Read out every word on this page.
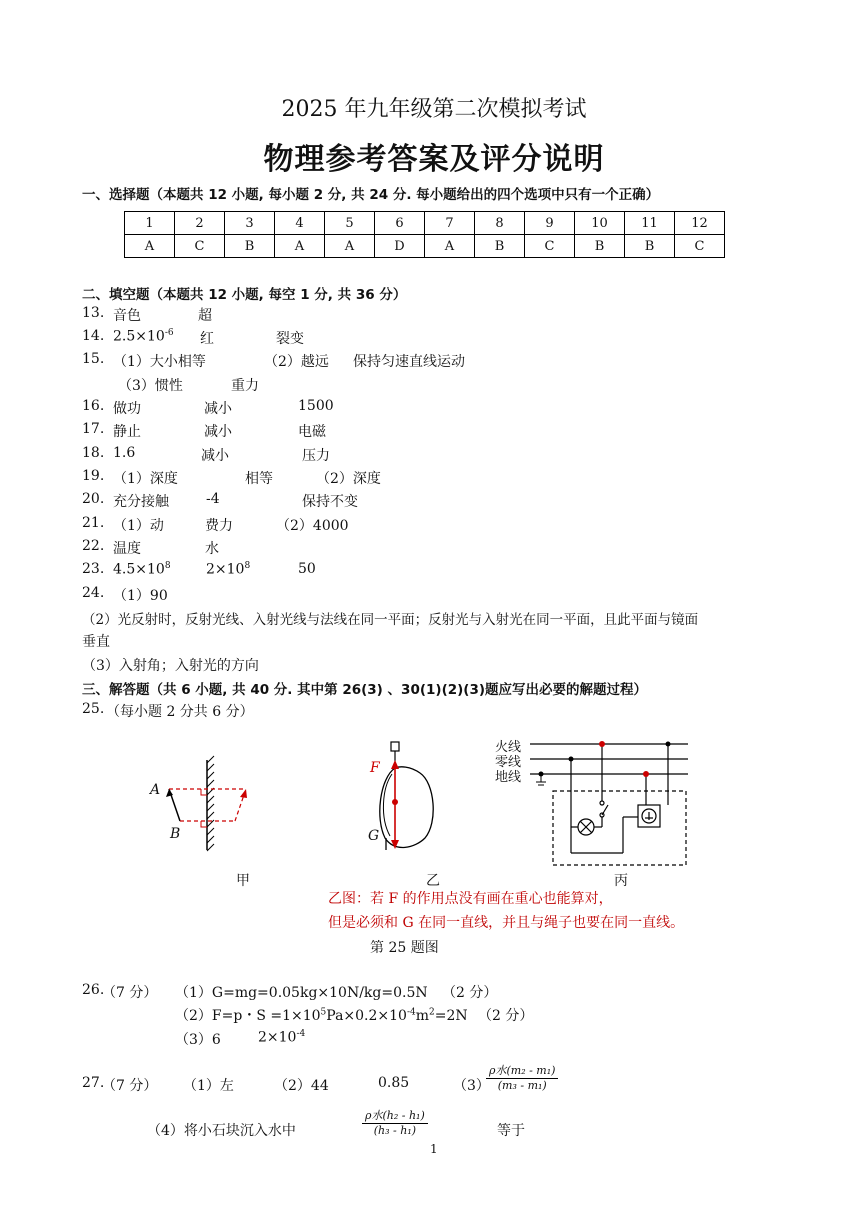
2025 年九年级第二次模拟考试
物理参考答案及评分说明
一、选择题（本题共 12 小题, 每小题 2 分, 共 24 分. 每小题给出的四个选项中只有一个正确）
1	2	3	4	5	6	7	8	9	10	11	12
A	C	B	A	A	D	A	B	C	B	B	C
二、填空题（本题共 12 小题, 每空 1 分, 共 36 分）
13. 音色	超
14. $2.5\times 10^{-6}$ 红	裂变
15. （1）大小相等	（2）越远 保持匀速直线运动
（3）惯性	重力
16. 做功	减小	1500
17. 静止	减小	电磁
18. 1.6	减小	压力
19. （1）深度	相等	（2）深度
20. 充分接触	-4	保持不变
21. （1）动	费力	（2）4000
22. 温度	水
23. $4.5\times 10^8$	$2\times 10^8$	50
24. （1）90
（2）光反射时，反射光线、入射光线与法线在同一平面；反射光与入射光在同一平面，且此平面与镜面
垂直
（3）入射角；入射光的方向
三、解答题（共 6 小题, 共 40 分. 其中第 26(3) 、30(1)(2)(3)题应写出必要的解题过程）
25. （每小题 2 分共 6 分）
A
B
甲
F
G
乙
火线
零线
地线
丙
乙图：若 F 的作用点没有画在重心也能算对，
但是必须和 G 在同一直线，并且与绳子也要在同一直线。
第 25 题图
26.
（7 分） （1）G=mg=0.05kg×10N/kg=0.5N （2 分）
（2）F=p・$S =1\times 10^5Pa\times 0.2\times 10^{-4}m^2=2N$ （2 分）
（3）6	$2\times 10^{-4}$
27.
（7 分） （1）左	（2）44	0.85	（3）
ρ水(m₂ - m₁)
(m₃ - m₁)
（4）将小石块沉入水中
ρ水(h₂ - h₁)
(h₃ - h₁)	等于
1
